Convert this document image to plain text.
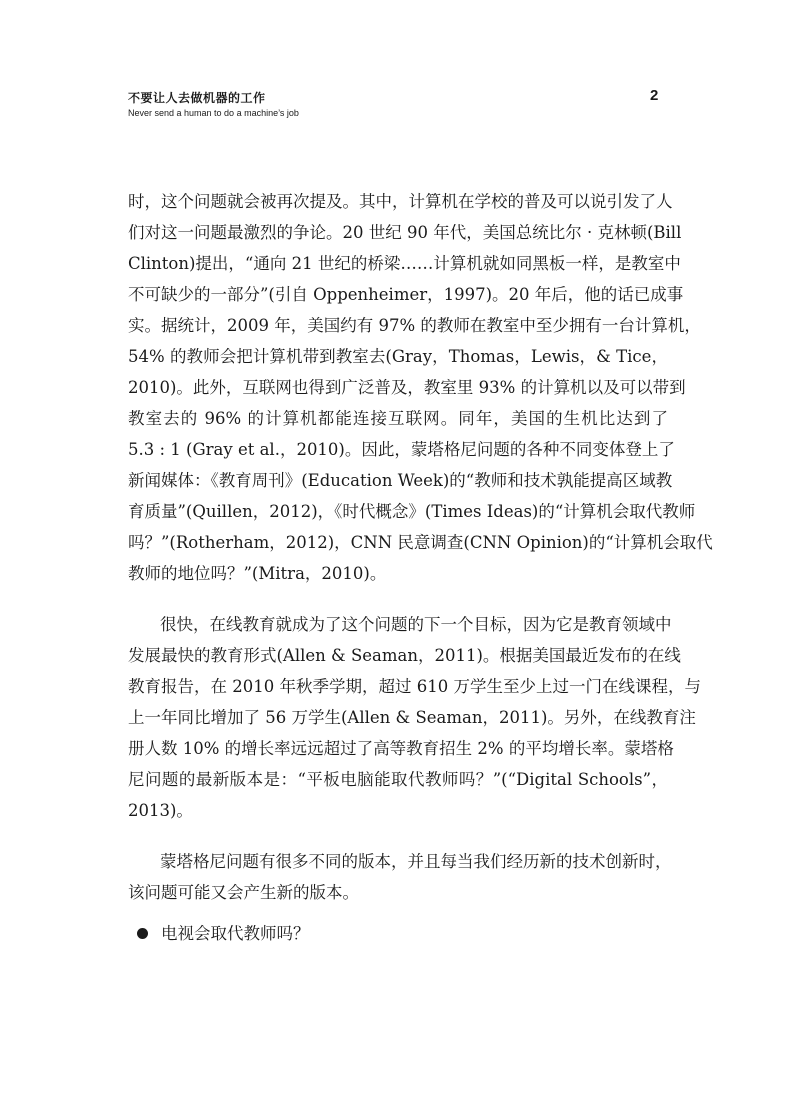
不要让人去做机器的工作
Never send a human to do a machine’s job
2
时，这个问题就会被再次提及。其中，计算机在学校的普及可以说引发了人
们对这一问题最激烈的争论。20 世纪 90 年代，美国总统比尔 · 克林顿(Bill
Clinton)提出，“通向 21 世纪的桥梁……计算机就如同黑板一样，是教室中
不可缺少的一部分”(引自 Oppenheimer，1997)。20 年后，他的话已成事
实。据统计，2009 年，美国约有 97% 的教师在教室中至少拥有一台计算机，
54% 的教师会把计算机带到教室去(Gray，Thomas，Lewis，& Tice，
2010)。此外，互联网也得到广泛普及，教室里 93% 的计算机以及可以带到
教室去的 96% 的计算机都能连接互联网。同年，美国的生机比达到了
5.3 : 1 (Gray et al.，2010)。因此，蒙塔格尼问题的各种不同变体登上了
新闻媒体：《教育周刊》(Education Week)的“教师和技术孰能提高区域教
育质量”(Quillen，2012)，《时代概念》(Times Ideas)的“计算机会取代教师
吗？”(Rotherham，2012)，CNN 民意调查(CNN Opinion)的“计算机会取代
教师的地位吗？”(Mitra，2010)。
很快，在线教育就成为了这个问题的下一个目标，因为它是教育领域中
发展最快的教育形式(Allen & Seaman，2011)。根据美国最近发布的在线
教育报告，在 2010 年秋季学期，超过 610 万学生至少上过一门在线课程，与
上一年同比增加了 56 万学生(Allen & Seaman，2011)。另外，在线教育注
册人数 10% 的增长率远远超过了高等教育招生 2% 的平均增长率。蒙塔格
尼问题的最新版本是：“平板电脑能取代教师吗？”(“Digital Schools”，
2013)。
蒙塔格尼问题有很多不同的版本，并且每当我们经历新的技术创新时，
该问题可能又会产生新的版本。
电视会取代教师吗？
